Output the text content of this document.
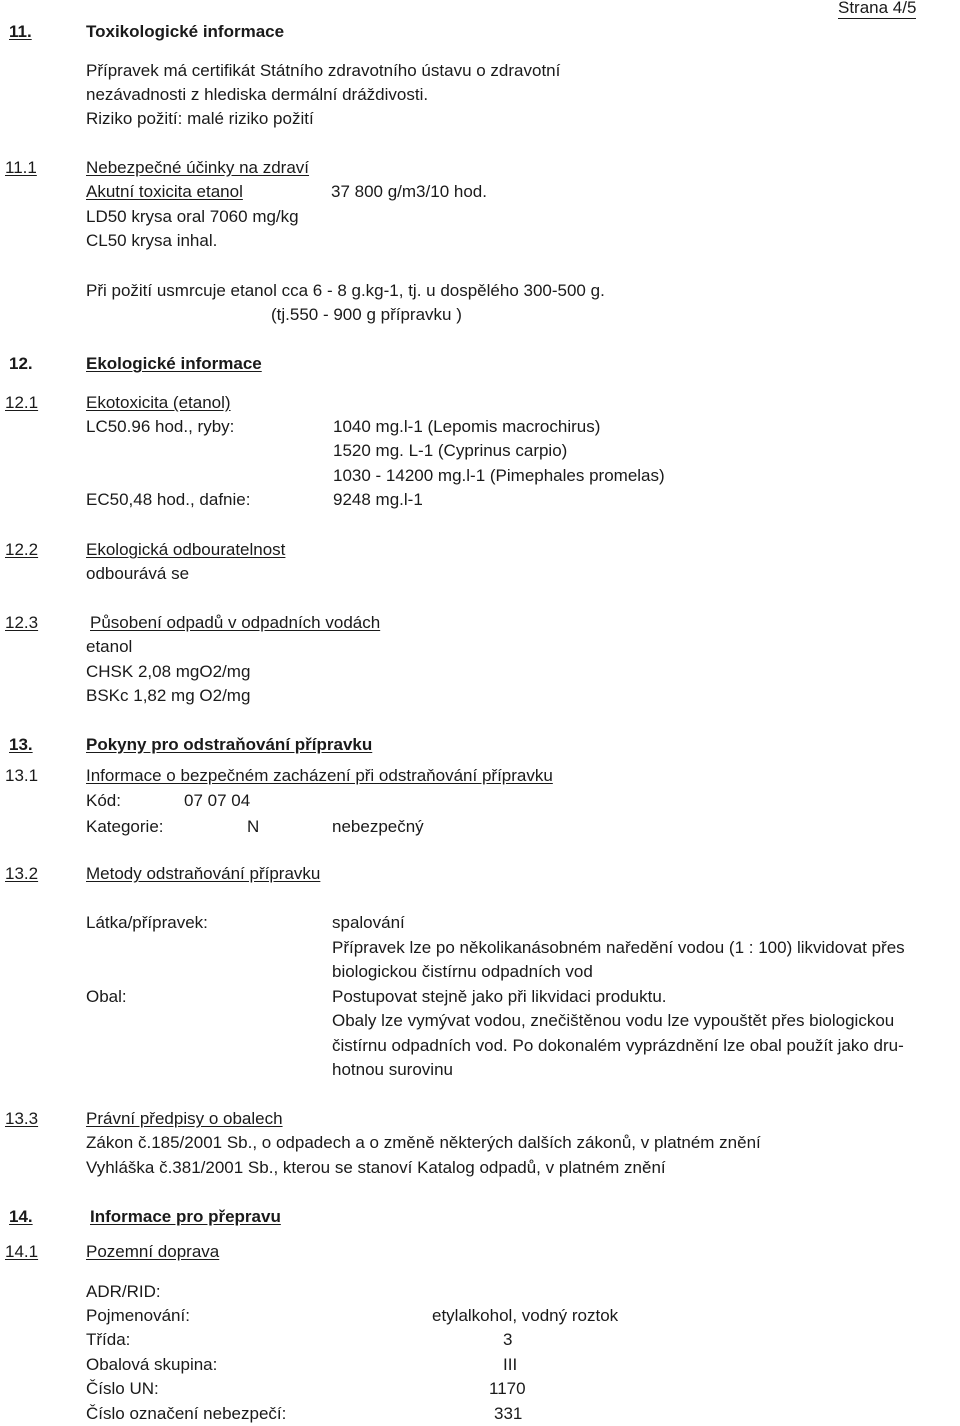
Strana 4/5
11.	Toxikologické informace
Přípravek má certifikát Státního zdravotního ústavu o zdravotní
nezávadnosti z hlediska dermální dráždivosti.
Riziko požití: malé riziko požití
11.1	Nebezpečné účinky na zdraví
Akutní toxicita etanol	37 800 g/m3/10 hod.
LD50 krysa oral 7060 mg/kg
CL50 krysa inhal.
Při požití usmrcuje etanol cca 6 - 8 g.kg-1, tj. u dospělého 300-500 g.
(tj.550 - 900 g přípravku )
12.	Ekologické informace
12.1	Ekotoxicita (etanol)
LC50.96 hod., ryby:	1040 mg.l-1 (Lepomis macrochirus)
1520 mg. L-1 (Cyprinus carpio)
1030 - 14200 mg.l-1 (Pimephales promelas)
EC50,48 hod., dafnie:	9248 mg.l-1
12.2	Ekologická odbouratelnost
odbourává se
12.3	Působení odpadů v odpadních vodách
etanol
CHSK 2,08 mgO2/mg
BSKc 1,82 mg O2/mg
13.	Pokyny pro odstraňování přípravku
13.1	Informace o bezpečném zacházení při odstraňování přípravku
Kód:	07 07 04
Kategorie:	N	nebezpečný
13.2	Metody odstraňování přípravku
Látka/přípravek:	spalování
Přípravek lze po několikanásobném naředění vodou (1 : 100) likvidovat přes
biologickou čistírnu odpadních vod
Obal:	Postupovat stejně jako při likvidaci produktu.
Obaly lze vymývat vodou, znečištěnou vodu lze vypouštět přes biologickou
čistírnu odpadních vod. Po dokonalém vyprázdnění lze obal použít jako dru-
hotnou surovinu
13.3	Právní předpisy o obalech
Zákon č.185/2001 Sb., o odpadech a o změně některých dalších zákonů, v platném znění
Vyhláška č.381/2001 Sb., kterou se stanoví Katalog odpadů, v platném znění
14.	Informace pro přepravu
14.1	Pozemní doprava
ADR/RID:
Pojmenování:	etylalkohol, vodný roztok
Třída:	3
Obalová skupina:	III
Číslo UN:	1170
Číslo označení nebezpečí:	331
